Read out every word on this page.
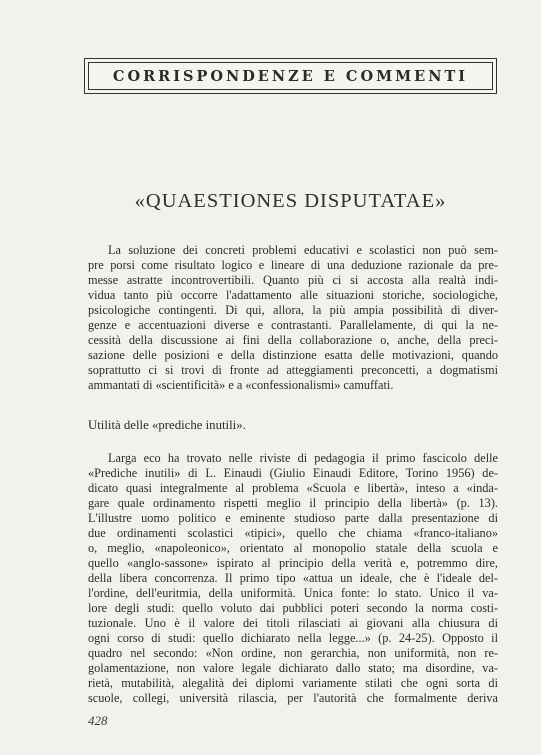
CORRISPONDENZE E COMMENTI
«QUAESTIONES DISPUTATAE»
La soluzione dei concreti problemi educativi e scolastici non può sem-
pre porsi come risultato logico e lineare di una deduzione razionale da pre-
messe astratte incontrovertibili. Quanto più ci si accosta alla realtà indi-
vidua tanto più occorre l'adattamento alle situazioni storiche, sociologiche,
psicologiche contingenti. Di qui, allora, la più ampia possibilità di diver-
genze e accentuazioni diverse e contrastanti. Parallelamente, di qui la ne-
cessità della discussione ai fini della collaborazione o, anche, della preci-
sazione delle posizioni e della distinzione esatta delle motivazioni, quando
soprattutto ci si trovi di fronte ad atteggiamenti preconcetti, a dogmatismi
ammantati di «scientificità» e a «confessionalismi» camuffati.
Utilità delle «prediche inutili».
Larga eco ha trovato nelle riviste di pedagogia il primo fascicolo delle
«Prediche inutili» di L. Einaudi (Giulio Einaudi Editore, Torino 1956) de-
dicato quasi integralmente al problema «Scuola e libertà», inteso a «inda-
gare quale ordinamento rispetti meglio il principio della libertà» (p. 13).
L'illustre uomo politico e eminente studioso parte dalla presentazione di
due ordinamenti scolastici «tipici», quello che chiama «franco-italiano»
o, meglio, «napoleonico», orientato al monopolio statale della scuola e
quello «anglo-sassone» ispirato al principio della verità e, potremmo dire,
della libera concorrenza. Il primo tipo «attua un ideale, che è l'ideale del-
l'ordine, dell'euritmia, della uniformità. Unica fonte: lo stato. Unico il va-
lore degli studi: quello voluto dai pubblici poteri secondo la norma costi-
tuzionale. Uno è il valore dei titoli rilasciati ai giovani alla chiusura di
ogni corso di studi: quello dichiarato nella legge...» (p. 24-25). Opposto il
quadro nel secondo: «Non ordine, non gerarchia, non uniformità, non re-
golamentazione, non valore legale dichiarato dallo stato; ma disordine, va-
rietà, mutabilità, alegalità dei diplomi variamente stilati che ogni sorta di
scuole, collegi, università rilascia, per l'autorità che formalmente deriva
428
